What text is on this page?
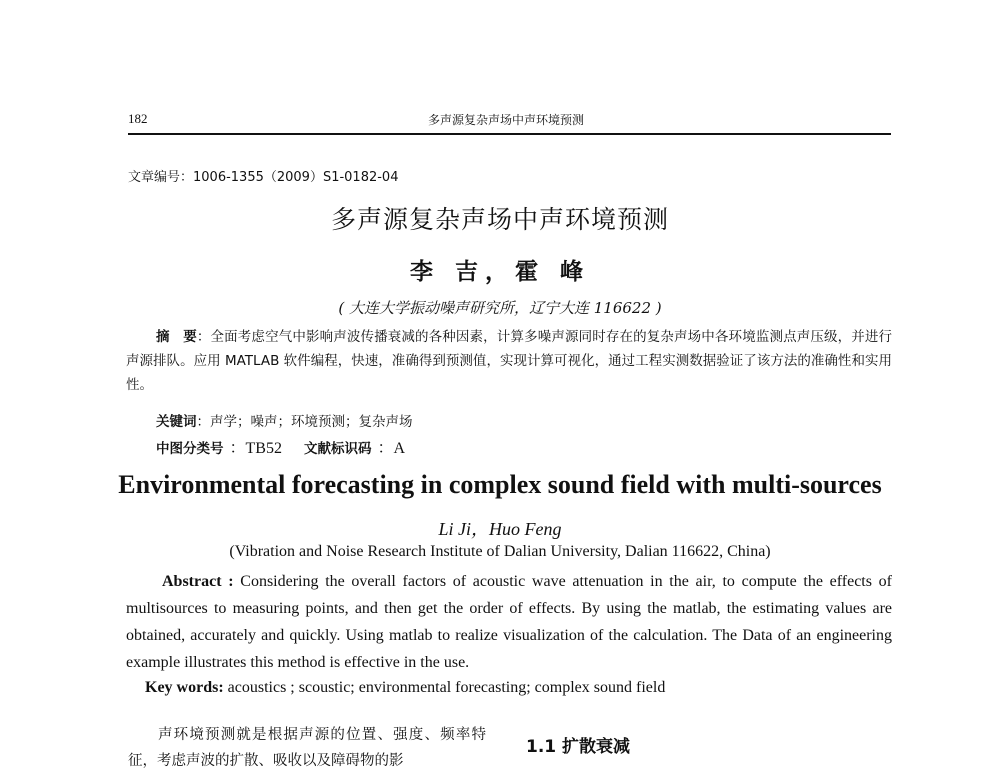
182	多声源复杂声场中声环境预测
文章编号：1006-1355（2009）S1-0182-04
多声源复杂声场中声环境预测
李 吉，霍 峰
( 大连大学振动噪声研究所，辽宁大连 116622 )
摘　要：全面考虑空气中影响声波传播衰减的各种因素，计算多噪声源同时存在的复杂声场中各环境监测点声压级，并进行声源排队。应用 MATLAB 软件编程，快速，准确得到预测值，实现计算可视化，通过工程实测数据验证了该方法的准确性和实用性。
关键词：声学；噪声；环境预测；复杂声场
中图分类号 ：TB52 文献标识码 ：A
Environmental forecasting in complex sound field with multi-sources
Li Ji，Huo Feng
(Vibration and Noise Research Institute of Dalian University, Dalian 116622, China)
Abstract : Considering the overall factors of acoustic wave attenuation in the air, to compute the effects of multisources to measuring points, and then get the order of effects. By using the matlab, the estimating values are obtained, accurately and quickly. Using matlab to realize visualization of the calculation. The Data of an engineering example illustrates this method is effective in the use.
Key words: acoustics ; scoustic; environmental forecasting; complex sound field
声环境预测就是根据声源的位置、强度、频率特征，考虑声波的扩散、吸收以及障碍物的影
1.1 扩散衰减
